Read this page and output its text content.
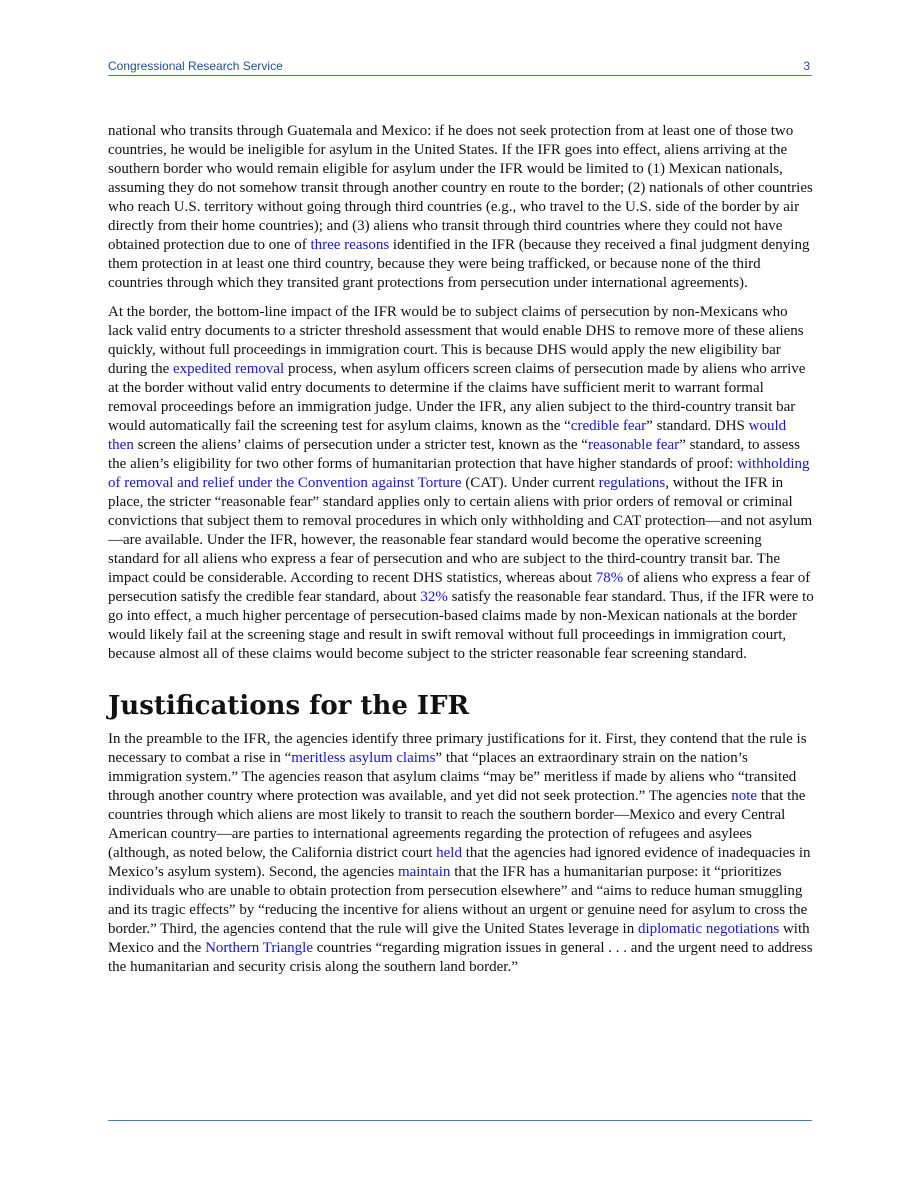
Congressional Research Service	3

national who transits through Guatemala and Mexico: if he does not seek protection from at least one of those two countries, he would be ineligible for asylum in the United States. If the IFR goes into effect, aliens arriving at the southern border who would remain eligible for asylum under the IFR would be limited to (1) Mexican nationals, assuming they do not somehow transit through another country en route to the border; (2) nationals of other countries who reach U.S. territory without going through third countries (e.g., who travel to the U.S. side of the border by air directly from their home countries); and (3) aliens who transit through third countries where they could not have obtained protection due to one of three reasons identified in the IFR (because they received a final judgment denying them protection in at least one third country, because they were being trafficked, or because none of the third countries through which they transited grant protections from persecution under international agreements).

At the border, the bottom-line impact of the IFR would be to subject claims of persecution by non-Mexicans who lack valid entry documents to a stricter threshold assessment that would enable DHS to remove more of these aliens quickly, without full proceedings in immigration court. This is because DHS would apply the new eligibility bar during the expedited removal process, when asylum officers screen claims of persecution made by aliens who arrive at the border without valid entry documents to determine if the claims have sufficient merit to warrant formal removal proceedings before an immigration judge. Under the IFR, any alien subject to the third-country transit bar would automatically fail the screening test for asylum claims, known as the “credible fear” standard. DHS would then screen the aliens’ claims of persecution under a stricter test, known as the “reasonable fear” standard, to assess the alien’s eligibility for two other forms of humanitarian protection that have higher standards of proof: withholding of removal and relief under the Convention against Torture (CAT). Under current regulations, without the IFR in place, the stricter “reasonable fear” standard applies only to certain aliens with prior orders of removal or criminal convictions that subject them to removal procedures in which only withholding and CAT protection—and not asylum—are available. Under the IFR, however, the reasonable fear standard would become the operative screening standard for all aliens who express a fear of persecution and who are subject to the third-country transit bar. The impact could be considerable. According to recent DHS statistics, whereas about 78% of aliens who express a fear of persecution satisfy the credible fear standard, about 32% satisfy the reasonable fear standard. Thus, if the IFR were to go into effect, a much higher percentage of persecution-based claims made by non-Mexican nationals at the border would likely fail at the screening stage and result in swift removal without full proceedings in immigration court, because almost all of these claims would become subject to the stricter reasonable fear screening standard.

Justifications for the IFR

In the preamble to the IFR, the agencies identify three primary justifications for it. First, they contend that the rule is necessary to combat a rise in “meritless asylum claims” that “places an extraordinary strain on the nation’s immigration system.” The agencies reason that asylum claims “may be” meritless if made by aliens who “transited through another country where protection was available, and yet did not seek protection.” The agencies note that the countries through which aliens are most likely to transit to reach the southern border—Mexico and every Central American country—are parties to international agreements regarding the protection of refugees and asylees (although, as noted below, the California district court held that the agencies had ignored evidence of inadequacies in Mexico’s asylum system). Second, the agencies maintain that the IFR has a humanitarian purpose: it “prioritizes individuals who are unable to obtain protection from persecution elsewhere” and “aims to reduce human smuggling and its tragic effects” by “reducing the incentive for aliens without an urgent or genuine need for asylum to cross the border.” Third, the agencies contend that the rule will give the United States leverage in diplomatic negotiations with Mexico and the Northern Triangle countries “regarding migration issues in general . . . and the urgent need to address the humanitarian and security crisis along the southern land border.”
